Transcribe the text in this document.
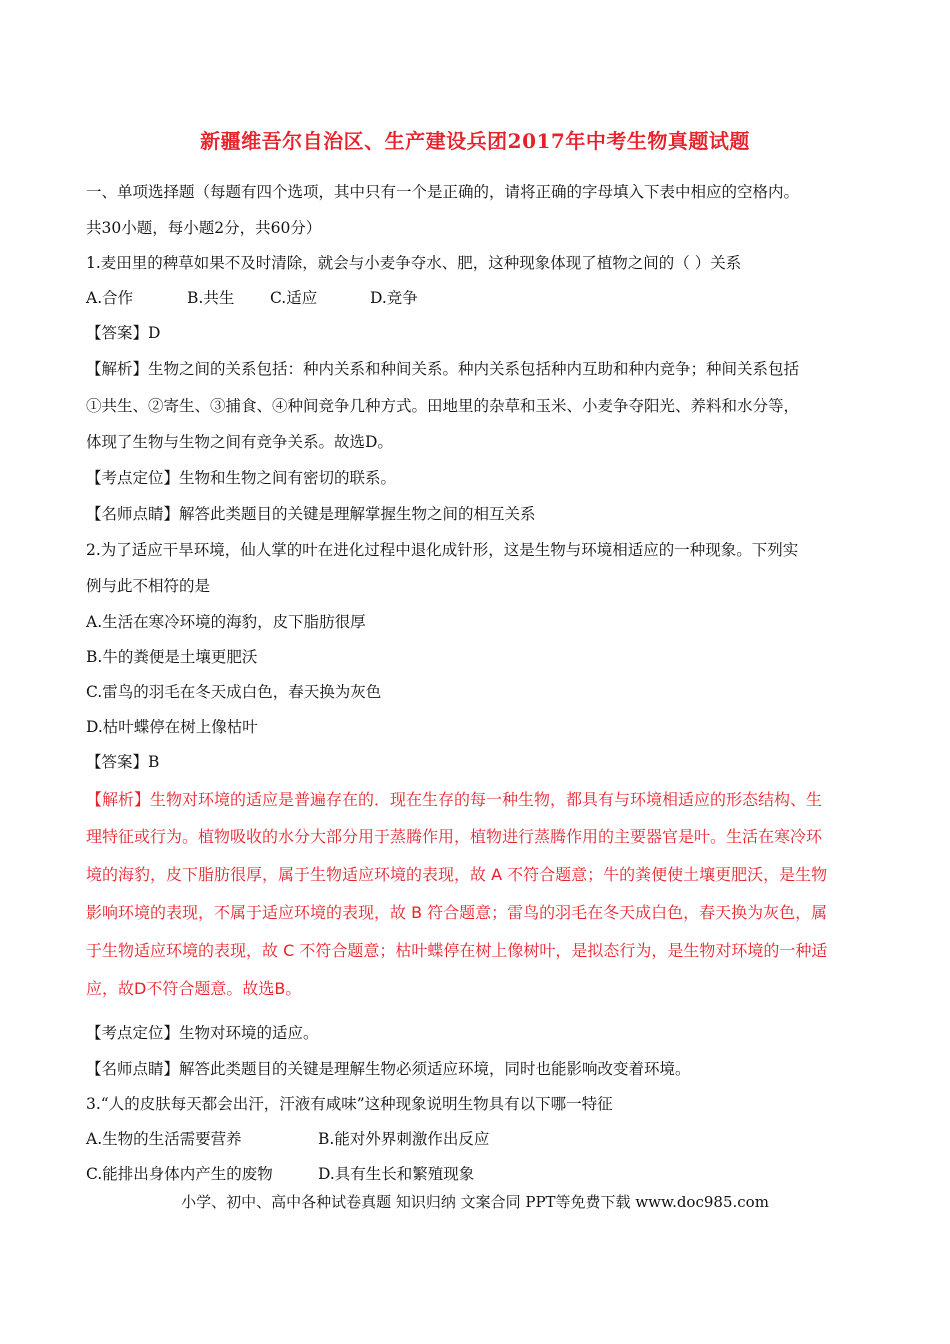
新疆维吾尔自治区、生产建设兵团2017年中考生物真题试题
一、单项选择题（每题有四个选项，其中只有一个是正确的，请将正确的字母填入下表中相应的空格内。
共30小题，每小题2分，共60分）
1.麦田里的稗草如果不及时清除，就会与小麦争夺水、肥，这种现象体现了植物之间的（ ）关系
A.合作	B.共生 C.适应	D.竞争
【答案】D
【解析】生物之间的关系包括：种内关系和种间关系。种内关系包括种内互助和种内竞争；种间关系包括
①共生、②寄生、③捕食、④种间竞争几种方式。田地里的杂草和玉米、小麦争夺阳光、养料和水分等，
体现了生物与生物之间有竞争关系。故选D。
【考点定位】生物和生物之间有密切的联系。
【名师点睛】解答此类题目的关键是理解掌握生物之间的相互关系
2.为了适应干旱环境，仙人掌的叶在进化过程中退化成针形，这是生物与环境相适应的一种现象。下列实
例与此不相符的是
A.生活在寒冷环境的海豹，皮下脂肪很厚
B.牛的粪便是土壤更肥沃
C.雷鸟的羽毛在冬天成白色，春天换为灰色
D.枯叶蝶停在树上像枯叶
【答案】B
【解析】生物对环境的适应是普遍存在的．现在生存的每一种生物，都具有与环境相适应的形态结构、生
理特征或行为。植物吸收的水分大部分用于蒸腾作用，植物进行蒸腾作用的主要器官是叶。生活在寒冷环
境的海豹，皮下脂肪很厚，属于生物适应环境的表现，故 A 不符合题意；牛的粪便使土壤更肥沃，是生物
影响环境的表现，不属于适应环境的表现，故 B 符合题意；雷鸟的羽毛在冬天成白色，春天换为灰色，属
于生物适应环境的表现，故 C 不符合题意；枯叶蝶停在树上像树叶，是拟态行为，是生物对环境的一种适
应，故D不符合题意。故选B。
【考点定位】生物对环境的适应。
【名师点睛】解答此类题目的关键是理解生物必须适应环境，同时也能影响改变着环境。
3.“人的皮肤每天都会出汗，汗液有咸味”这种现象说明生物具有以下哪一特征
A.生物的生活需要营养	B.能对外界刺激作出反应
C.能排出身体内产生的废物	D.具有生长和繁殖现象
小学、初中、高中各种试卷真题 知识归纳 文案合同 PPT等免费下载 www.doc985.com
